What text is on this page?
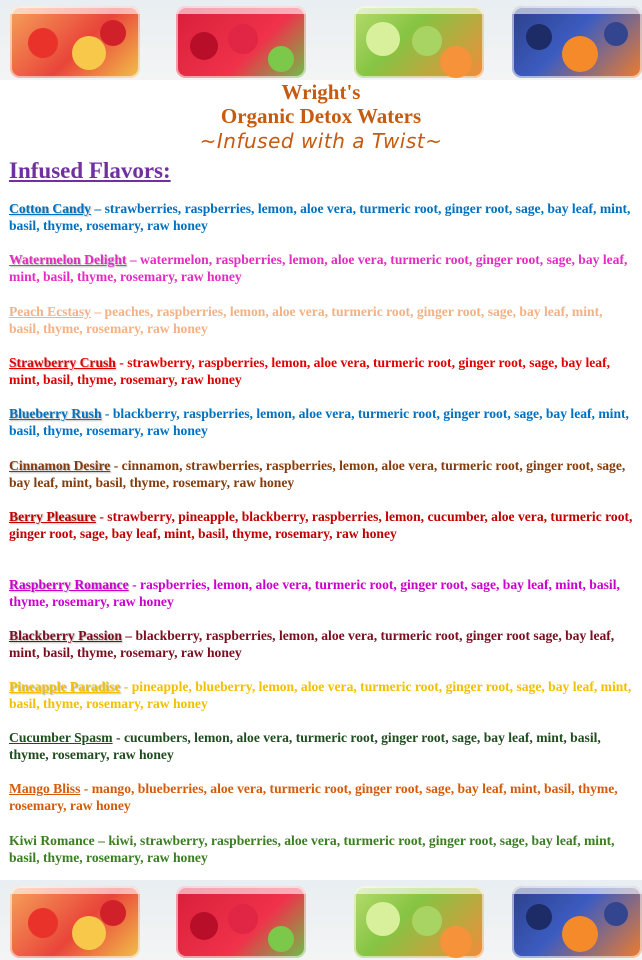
Wright's
Organic Detox Waters
~Infused with a Twist~
Infused Flavors:
Cotton Candy – strawberries, raspberries, lemon, aloe vera, turmeric root, ginger root, sage, bay leaf, mint, basil, thyme, rosemary, raw honey
Watermelon Delight – watermelon, raspberries, lemon, aloe vera, turmeric root, ginger root, sage, bay leaf, mint, basil, thyme, rosemary, raw honey
Peach Ecstasy – peaches, raspberries, lemon, aloe vera, turmeric root, ginger root, sage, bay leaf, mint, basil, thyme, rosemary, raw honey
Strawberry Crush - strawberry, raspberries, lemon, aloe vera, turmeric root, ginger root, sage, bay leaf, mint, basil, thyme, rosemary, raw honey
Blueberry Rush - blackberry, raspberries, lemon, aloe vera, turmeric root, ginger root, sage, bay leaf, mint, basil, thyme, rosemary, raw honey
Cinnamon Desire - cinnamon, strawberries, raspberries, lemon, aloe vera, turmeric root, ginger root, sage, bay leaf, mint, basil, thyme, rosemary, raw honey
Berry Pleasure - strawberry, pineapple, blackberry, raspberries, lemon, cucumber, aloe vera, turmeric root, ginger root, sage, bay leaf, mint, basil, thyme, rosemary, raw honey
Raspberry Romance - raspberries, lemon, aloe vera, turmeric root, ginger root, sage, bay leaf, mint, basil, thyme, rosemary, raw honey
Blackberry Passion – blackberry, raspberries, lemon, aloe vera, turmeric root, ginger root sage, bay leaf, mint, basil, thyme, rosemary, raw honey
Pineapple Paradise - pineapple, blueberry, lemon, aloe vera, turmeric root, ginger root, sage, bay leaf, mint, basil, thyme, rosemary, raw honey
Cucumber Spasm - cucumbers, lemon, aloe vera, turmeric root, ginger root, sage, bay leaf, mint, basil, thyme, rosemary, raw honey
Mango Bliss - mango, blueberries, aloe vera, turmeric root, ginger root, sage, bay leaf, mint, basil, thyme, rosemary, raw honey
Kiwi Romance – kiwi, strawberry, raspberries, aloe vera, turmeric root, ginger root, sage, bay leaf, mint, basil, thyme, rosemary, raw honey
